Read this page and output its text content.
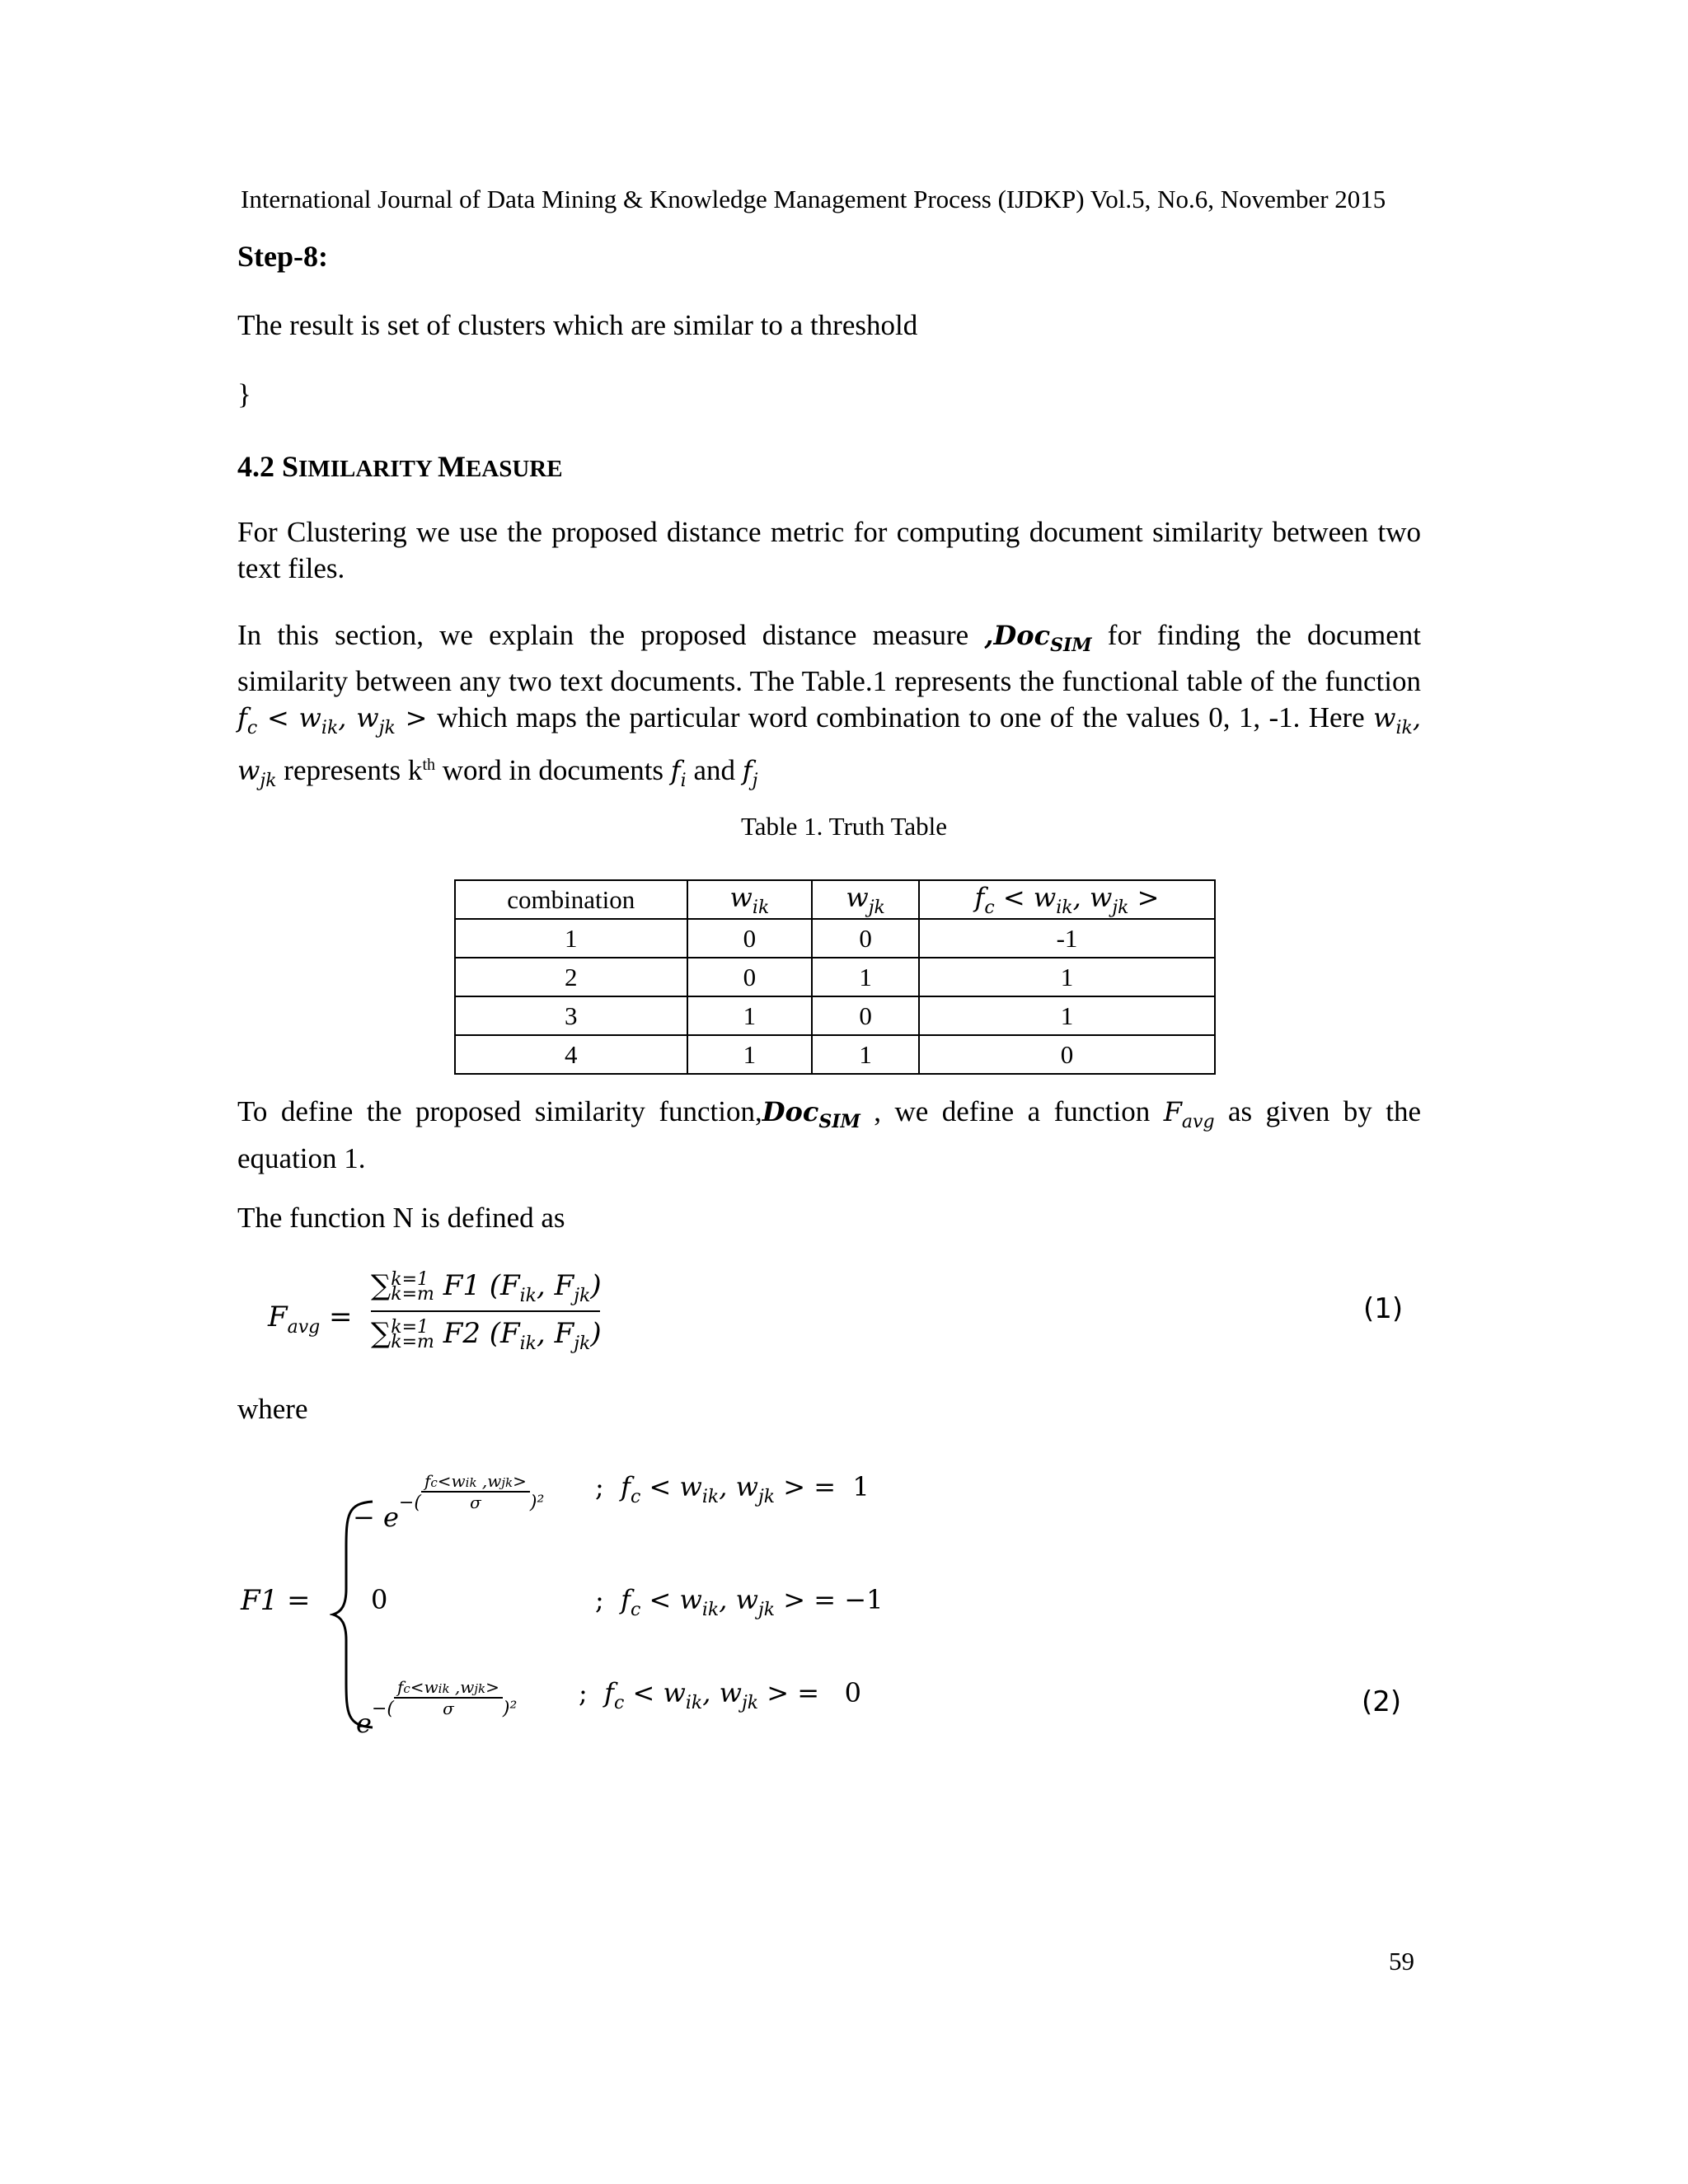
International Journal of Data Mining & Knowledge Management Process (IJDKP) Vol.5, No.6, November 2015
Step-8:
The result is set of clusters which are similar to a threshold
}
4.2 SIMILARITY MEASURE
For Clustering we use the proposed distance metric for computing document similarity between two text files.
In this section, we explain the proposed distance measure ,Doc$_{SIM}$ for finding the document similarity between any two text documents. The Table.1 represents the functional table of the function $f_c < w_{ik}$, $w_{jk}$ > which maps the particular word combination to one of the values 0, 1, -1. Here $w_{ik}$, $w_{jk}$ represents $k^{th}$ word in documents $f_i$ and $f_j$
Table 1. Truth Table
combination	$w_{ik}$	$w_{jk}$	$f_c < w_{ik}$, $w_{jk}$ >
1	0	0	-1
2	0	1	1
3	1	0	1
4	1	1	0
To define the proposed similarity function,Doc$_{SIM}$ , we define a function $F_{avg}$ as given by the equation 1.
The function N is defined as
$F_{avg}$ =
∑k=1
k=m F1 ($F_{ik}$, $F_{jk}$)
∑k=1
k=m F2 ($F_{ik}$, $F_{jk}$)
(1)
where
F1 =
− e−(
fc<wik ,wjk>
σ	)²
;  $f_c < w_{ik}$, $w_{jk}$ > =  1
0	;  $f_c < w_{ik}$, $w_{jk}$ > = −1
e−(
fc<wik ,wjk>
σ	)²
;  $f_c < w_{ik}$, $w_{jk}$ > =   0	(2)
59
